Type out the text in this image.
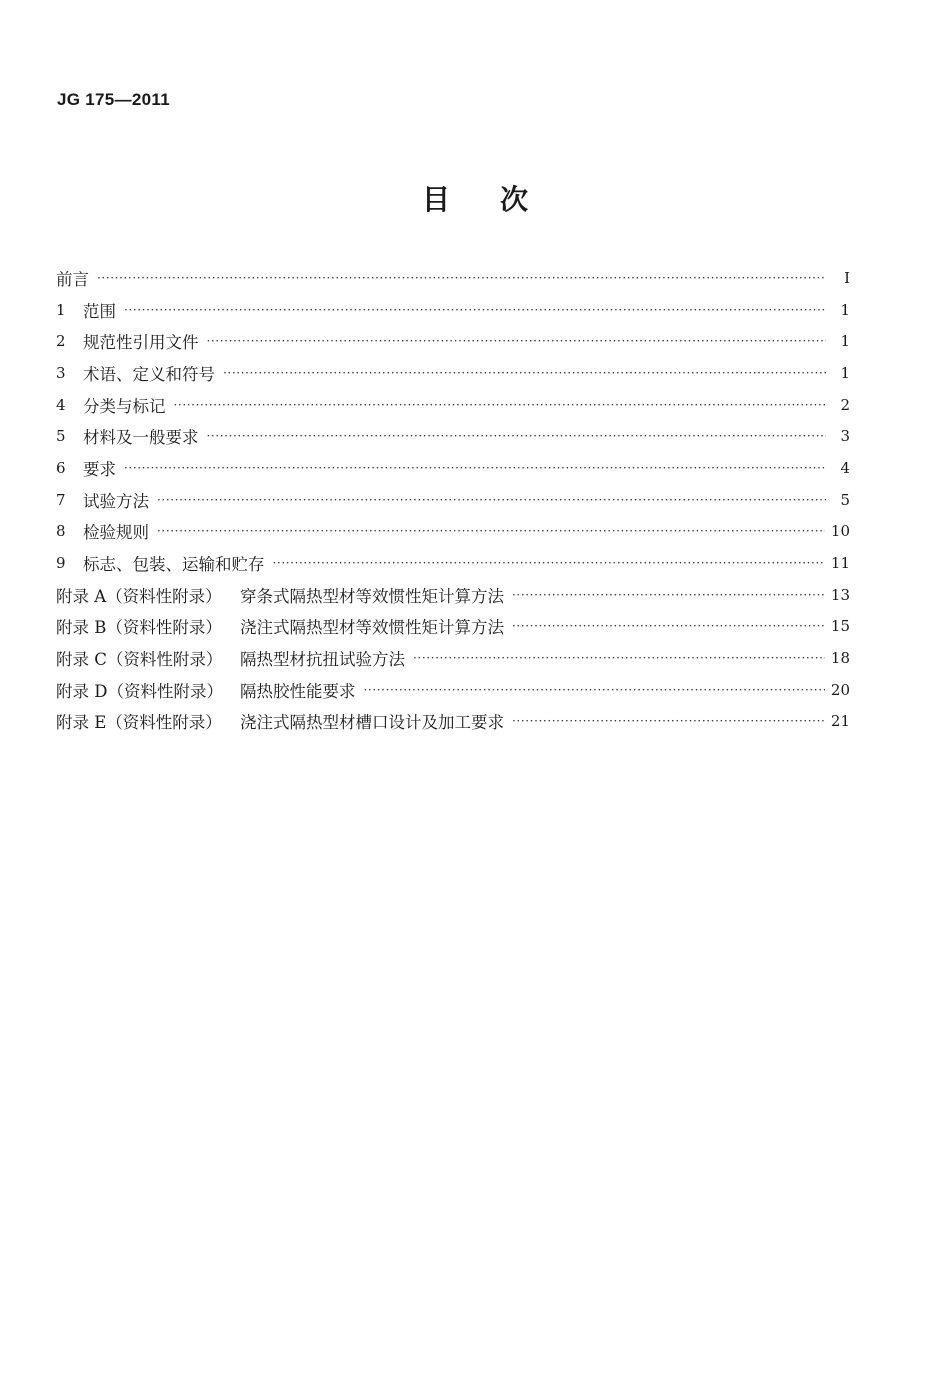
JG 175—2011
目 次
前言 ·····	Ⅰ
1	范围 ·····	1
2	规范性引用文件 ·····	1
3	术语、定义和符号 ·····	1
4	分类与标记 ·····	2
5	材料及一般要求 ·····	3
6	要求 ·····	4
7	试验方法 ·····	5
8	检验规则 ·····	10
9	标志、包装、运输和贮存 ·····	11
附录 A（资料性附录）	穿条式隔热型材等效惯性矩计算方法 ·····	13
附录 B（资料性附录）	浇注式隔热型材等效惯性矩计算方法 ·····	15
附录 C（资料性附录）	隔热型材抗扭试验方法 ·····	18
附录 D（资料性附录）	隔热胶性能要求 ·····	20
附录 E（资料性附录）	浇注式隔热型材槽口设计及加工要求 ·····	21
